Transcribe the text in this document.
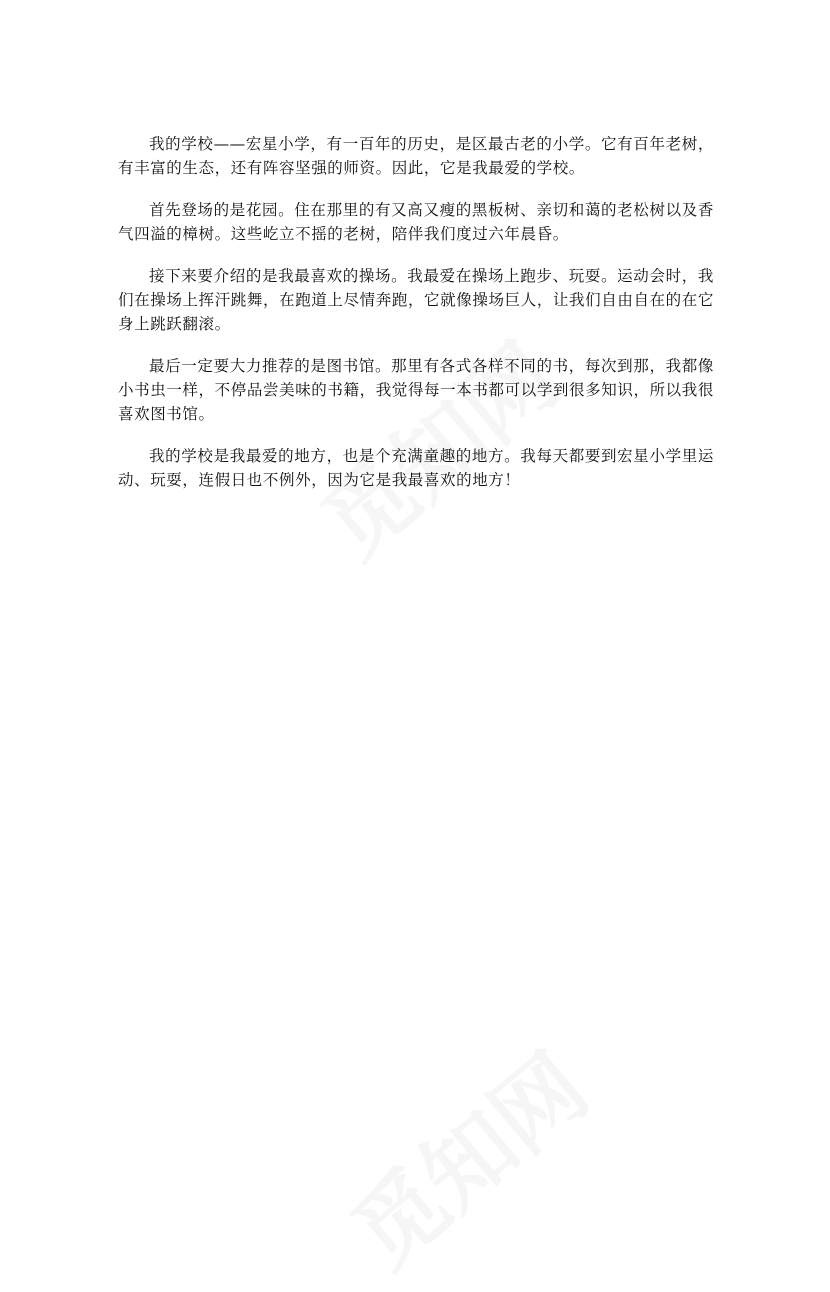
我的学校——宏星小学，有一百年的历史，是区最古老的小学。它有百年老树，有丰富的生态，还有阵容坚强的师资。因此，它是我最爱的学校。

首先登场的是花园。住在那里的有又高又瘦的黑板树、亲切和蔼的老松树以及香气四溢的樟树。这些屹立不摇的老树，陪伴我们度过六年晨昏。

接下来要介绍的是我最喜欢的操场。我最爱在操场上跑步、玩耍。运动会时，我们在操场上挥汗跳舞，在跑道上尽情奔跑，它就像操场巨人，让我们自由自在的在它身上跳跃翻滚。

最后一定要大力推荐的是图书馆。那里有各式各样不同的书，每次到那，我都像小书虫一样，不停品尝美味的书籍，我觉得每一本书都可以学到很多知识，所以我很喜欢图书馆。

我的学校是我最爱的地方，也是个充满童趣的地方。我每天都要到宏星小学里运动、玩耍，连假日也不例外，因为它是我最喜欢的地方！
